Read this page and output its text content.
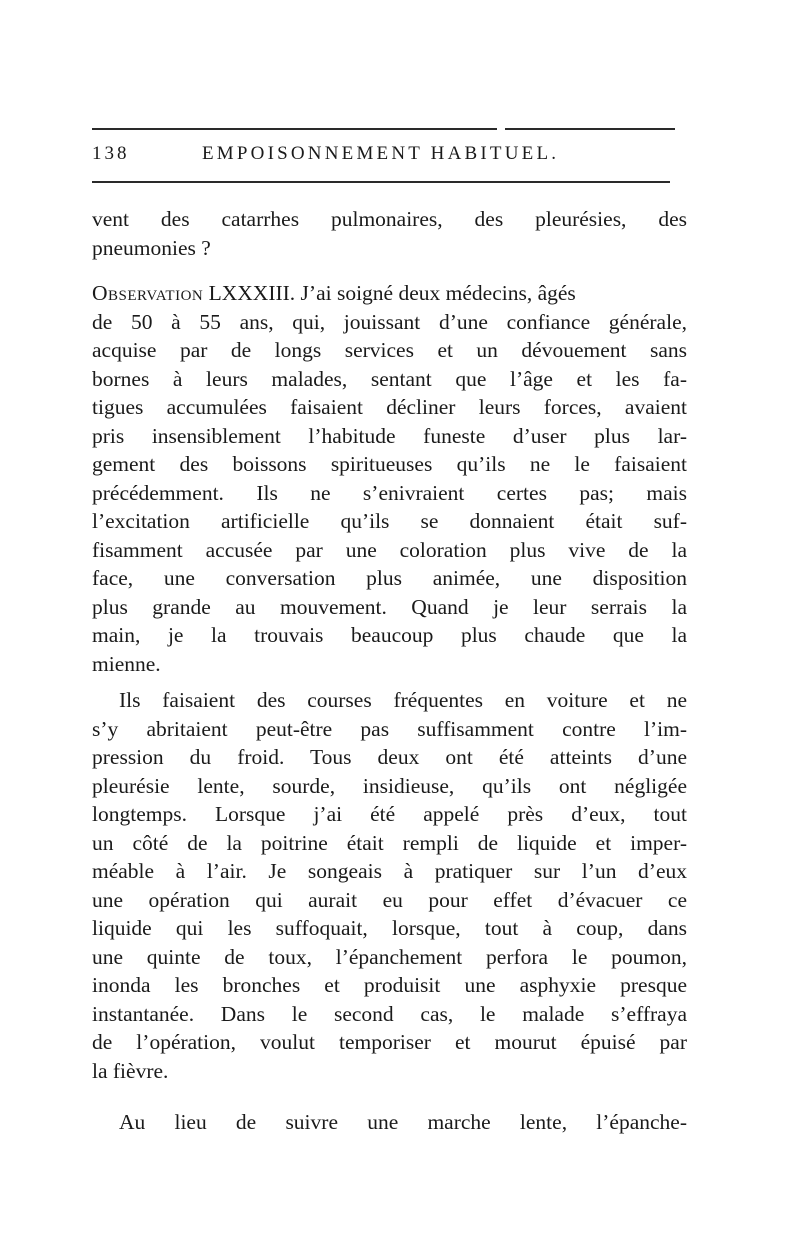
138	EMPOISONNEMENT HABITUEL.
vent des catarrhes pulmonaires, des pleurésies, des
pneumonies ?
Observation LXXXIII. J’ai soigné deux médecins, âgés
de 50 à 55 ans, qui, jouissant d’une confiance générale,
acquise par de longs services et un dévouement sans
bornes à leurs malades, sentant que l’âge et les fa-
tigues accumulées faisaient décliner leurs forces, avaient
pris insensiblement l’habitude funeste d’user plus lar-
gement des boissons spiritueuses qu’ils ne le faisaient
précédemment. Ils ne s’enivraient certes pas; mais
l’excitation artificielle qu’ils se donnaient était suf-
fisamment accusée par une coloration plus vive de la
face, une conversation plus animée, une disposition
plus grande au mouvement. Quand je leur serrais la
main, je la trouvais beaucoup plus chaude que la
mienne.
Ils faisaient des courses fréquentes en voiture et ne
s’y abritaient peut-être pas suffisamment contre l’im-
pression du froid. Tous deux ont été atteints d’une
pleurésie lente, sourde, insidieuse, qu’ils ont négligée
longtemps. Lorsque j’ai été appelé près d’eux, tout
un côté de la poitrine était rempli de liquide et imper-
méable à l’air. Je songeais à pratiquer sur l’un d’eux
une opération qui aurait eu pour effet d’évacuer ce
liquide qui les suffoquait, lorsque, tout à coup, dans
une quinte de toux, l’épanchement perfora le poumon,
inonda les bronches et produisit une asphyxie presque
instantanée. Dans le second cas, le malade s’effraya
de l’opération, voulut temporiser et mourut épuisé par
la fièvre.
Au lieu de suivre une marche lente, l’épanche-
